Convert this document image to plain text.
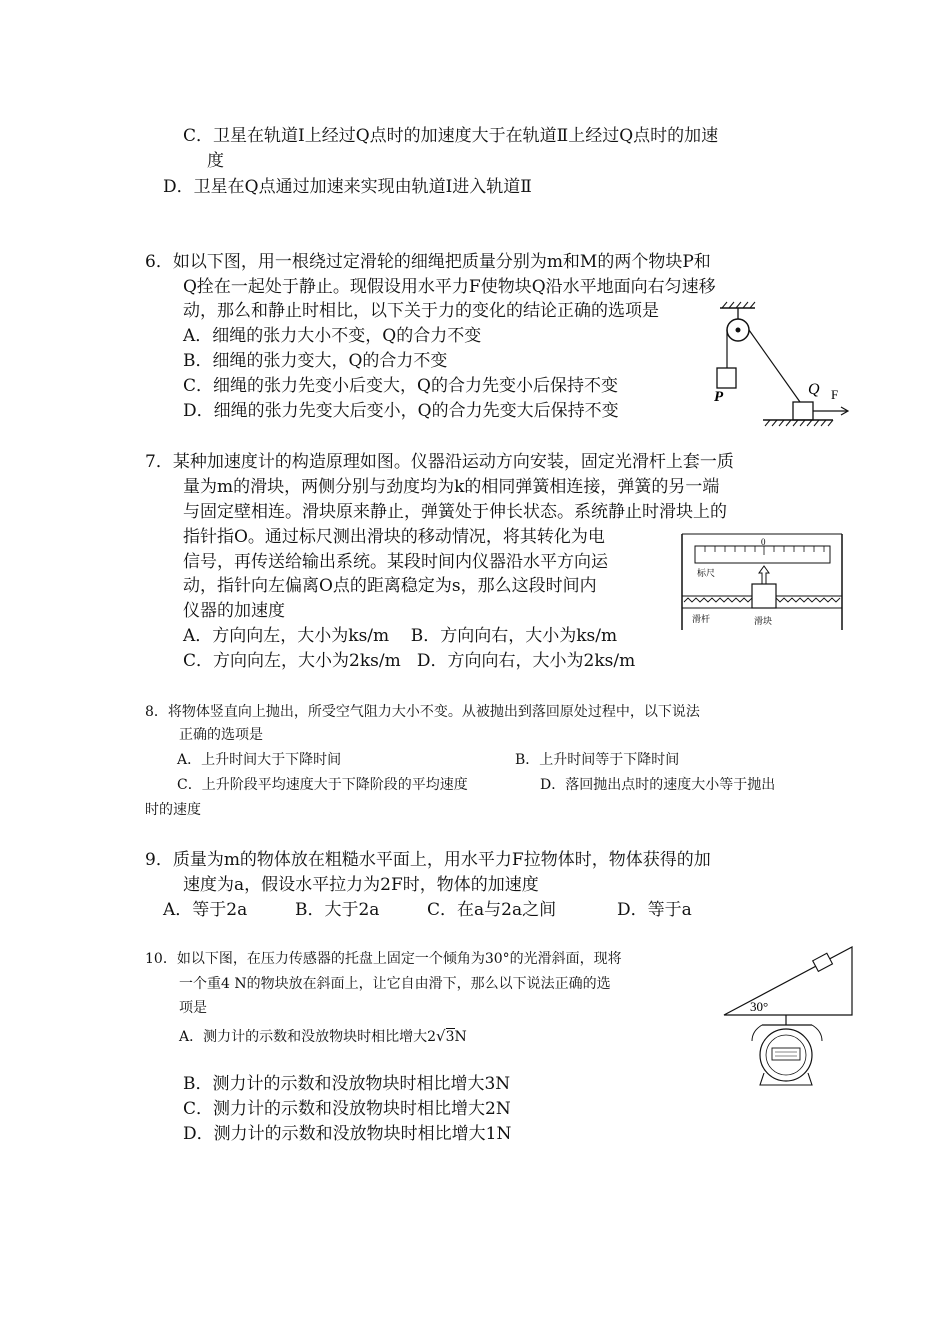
C．卫星在轨道Ⅰ上经过Q点时的加速度大于在轨道Ⅱ上经过Q点时的加速
度
D．卫星在Q点通过加速来实现由轨道Ⅰ进入轨道Ⅱ
6．如以下图，用一根绕过定滑轮的细绳把质量分别为m和M的两个物块P和
Q拴在一起处于静止。现假设用水平力F使物块Q沿水平地面向右匀速移
动，那么和静止时相比，以下关于力的变化的结论正确的选项是
A．细绳的张力大小不变，Q的合力不变
B．细绳的张力变大，Q的合力不变
C．细绳的张力先变小后变大，Q的合力先变小后保持不变
D．细绳的张力先变大后变小，Q的合力先变大后保持不变
P	Q F
7．某种加速度计的构造原理如图。仪器沿运动方向安装，固定光滑杆上套一质
量为m的滑块，两侧分别与劲度均为k的相同弹簧相连接，弹簧的另一端
与固定壁相连。滑块原来静止，弹簧处于伸长状态。系统静止时滑块上的
指针指O。通过标尺测出滑块的移动情况，将其转化为电
信号，再传送给输出系统。某段时间内仪器沿水平方向运
动，指针向左偏离O点的距离稳定为s，那么这段时间内
仪器的加速度
A．方向向左，大小为ks/m    B．方向向右，大小为ks/m
C．方向向左，大小为2ks/m   D．方向向右，大小为2ks/m
0
标尺
滑杆	滑块
8．将物体竖直向上抛出，所受空气阻力大小不变。从被抛出到落回原处过程中，以下说法
正确的选项是
A．上升时间大于下降时间	B．上升时间等于下降时间
C．上升阶段平均速度大于下降阶段的平均速度	D．落回抛出点时的速度大小等于抛出
时的速度
9．质量为m的物体放在粗糙水平面上，用水平力F拉物体时，物体获得的加
速度为a，假设水平拉力为2F时，物体的加速度
A．等于2a	B．大于2a	C．在a与2a之间	D．等于a
10．如以下图，在压力传感器的托盘上固定一个倾角为30°的光滑斜面，现将
一个重4 N的物块放在斜面上，让它自由滑下，那么以下说法正确的选
项是
A．测力计的示数和没放物块时相比增大2√3N
B．测力计的示数和没放物块时相比增大3N
C．测力计的示数和没放物块时相比增大2N
D．测力计的示数和没放物块时相比增大1N
30°
